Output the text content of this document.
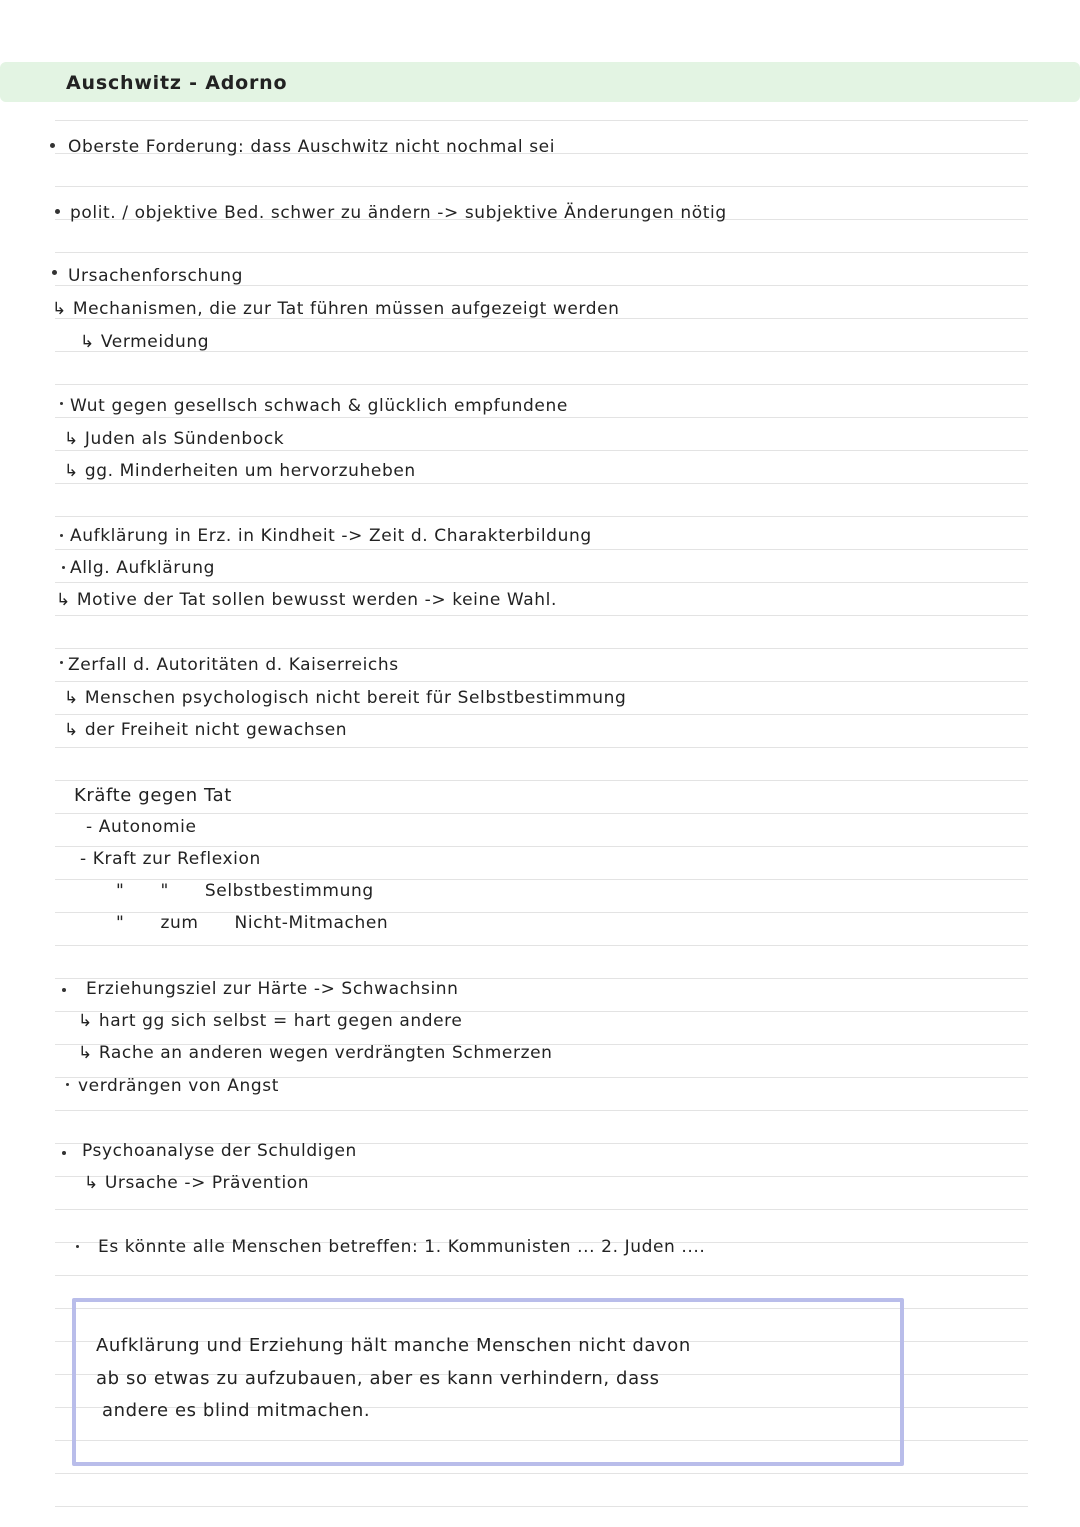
Auschwitz - Adorno
Oberste Forderung: dass Auschwitz nicht nochmal sei
polit. / objektive Bed. schwer zu ändern -> subjektive Änderungen nötig
Ursachenforschung
↳ Mechanismen, die zur Tat führen müssen aufgezeigt werden
↳ Vermeidung
Wut gegen gesellsch schwach & glücklich empfundene
↳ Juden als Sündenbock
↳ gg. Minderheiten um hervorzuheben
Aufklärung in Erz. in Kindheit -> Zeit d. Charakterbildung
Allg. Aufklärung
↳ Motive der Tat sollen bewusst werden -> keine Wahl.
Zerfall d. Autoritäten d. Kaiserreichs
↳ Menschen psychologisch nicht bereit für Selbstbestimmung
↳ der Freiheit nicht gewachsen
Kräfte gegen Tat
- Autonomie
- Kraft zur Reflexion
"      "      Selbstbestimmung
"      zum      Nicht-Mitmachen
Erziehungsziel zur Härte -> Schwachsinn
↳ hart gg sich selbst = hart gegen andere
↳ Rache an anderen wegen verdrängten Schmerzen
verdrängen von Angst
Psychoanalyse der Schuldigen
↳ Ursache -> Prävention
Es könnte alle Menschen betreffen: 1. Kommunisten ... 2. Juden ....
Aufklärung und Erziehung hält manche Menschen nicht davon
ab so etwas zu aufzubauen, aber es kann verhindern, dass
andere es blind mitmachen.
